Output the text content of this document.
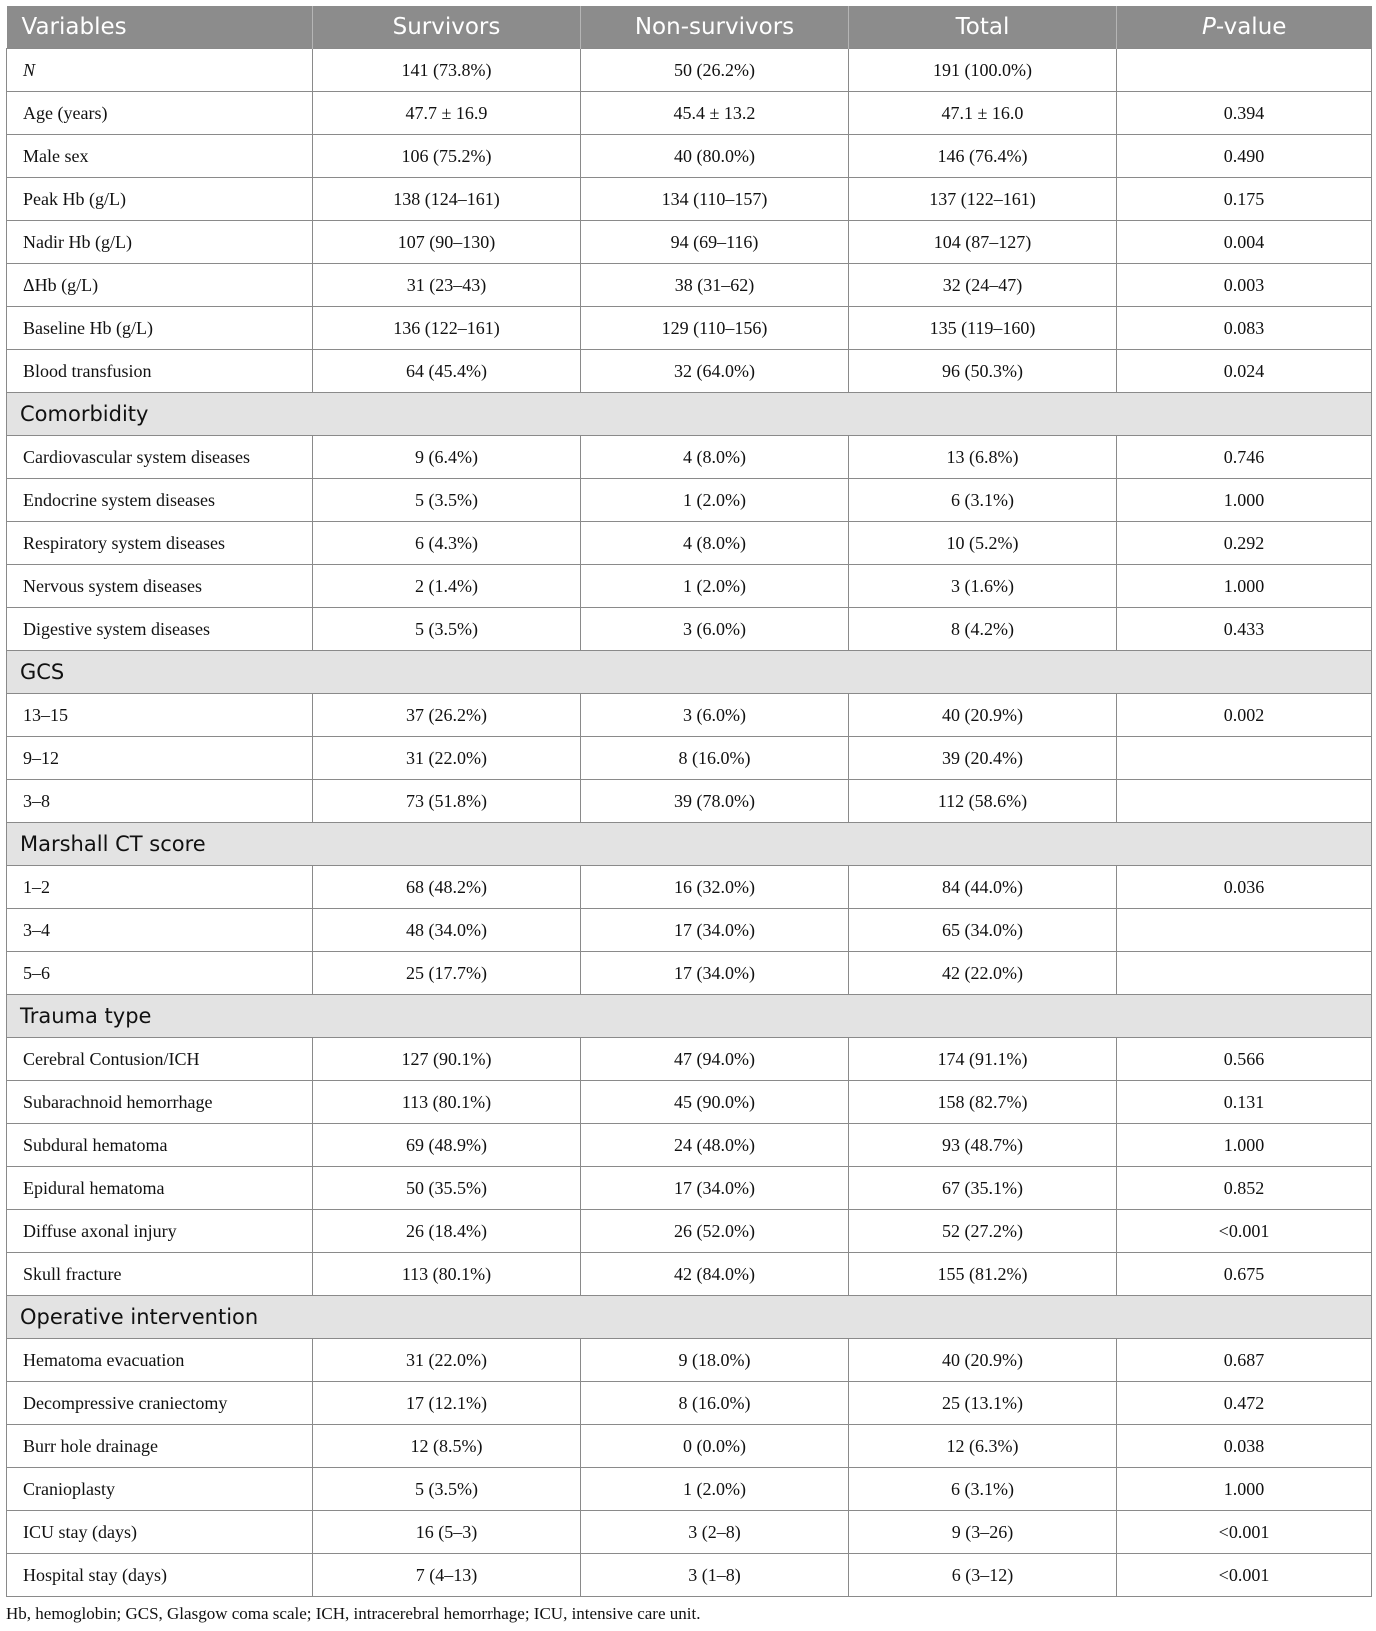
Variables	Survivors	Non-survivors	Total	P-value
N	141 (73.8%)	50 (26.2%)	191 (100.0%)	
Age (years)	47.7 ± 16.9	45.4 ± 13.2	47.1 ± 16.0	0.394
Male sex	106 (75.2%)	40 (80.0%)	146 (76.4%)	0.490
Peak Hb (g/L)	138 (124–161)	134 (110–157)	137 (122–161)	0.175
Nadir Hb (g/L)	107 (90–130)	94 (69–116)	104 (87–127)	0.004
ΔHb (g/L)	31 (23–43)	38 (31–62)	32 (24–47)	0.003
Baseline Hb (g/L)	136 (122–161)	129 (110–156)	135 (119–160)	0.083
Blood transfusion	64 (45.4%)	32 (64.0%)	96 (50.3%)	0.024
Comorbidity				
Cardiovascular system diseases	9 (6.4%)	4 (8.0%)	13 (6.8%)	0.746
Endocrine system diseases	5 (3.5%)	1 (2.0%)	6 (3.1%)	1.000
Respiratory system diseases	6 (4.3%)	4 (8.0%)	10 (5.2%)	0.292
Nervous system diseases	2 (1.4%)	1 (2.0%)	3 (1.6%)	1.000
Digestive system diseases	5 (3.5%)	3 (6.0%)	8 (4.2%)	0.433
GCS				
13–15	37 (26.2%)	3 (6.0%)	40 (20.9%)	0.002
9–12	31 (22.0%)	8 (16.0%)	39 (20.4%)	
3–8	73 (51.8%)	39 (78.0%)	112 (58.6%)	
Marshall CT score				
1–2	68 (48.2%)	16 (32.0%)	84 (44.0%)	0.036
3–4	48 (34.0%)	17 (34.0%)	65 (34.0%)	
5–6	25 (17.7%)	17 (34.0%)	42 (22.0%)	
Trauma type				
Cerebral Contusion/ICH	127 (90.1%)	47 (94.0%)	174 (91.1%)	0.566
Subarachnoid hemorrhage	113 (80.1%)	45 (90.0%)	158 (82.7%)	0.131
Subdural hematoma	69 (48.9%)	24 (48.0%)	93 (48.7%)	1.000
Epidural hematoma	50 (35.5%)	17 (34.0%)	67 (35.1%)	0.852
Diffuse axonal injury	26 (18.4%)	26 (52.0%)	52 (27.2%)	<0.001
Skull fracture	113 (80.1%)	42 (84.0%)	155 (81.2%)	0.675
Operative intervention				
Hematoma evacuation	31 (22.0%)	9 (18.0%)	40 (20.9%)	0.687
Decompressive craniectomy	17 (12.1%)	8 (16.0%)	25 (13.1%)	0.472
Burr hole drainage	12 (8.5%)	0 (0.0%)	12 (6.3%)	0.038
Cranioplasty	5 (3.5%)	1 (2.0%)	6 (3.1%)	1.000
ICU stay (days)	16 (5–3)	3 (2–8)	9 (3–26)	<0.001
Hospital stay (days)	7 (4–13)	3 (1–8)	6 (3–12)	<0.001
Hb, hemoglobin; GCS, Glasgow coma scale; ICH, intracerebral hemorrhage; ICU, intensive care unit.
